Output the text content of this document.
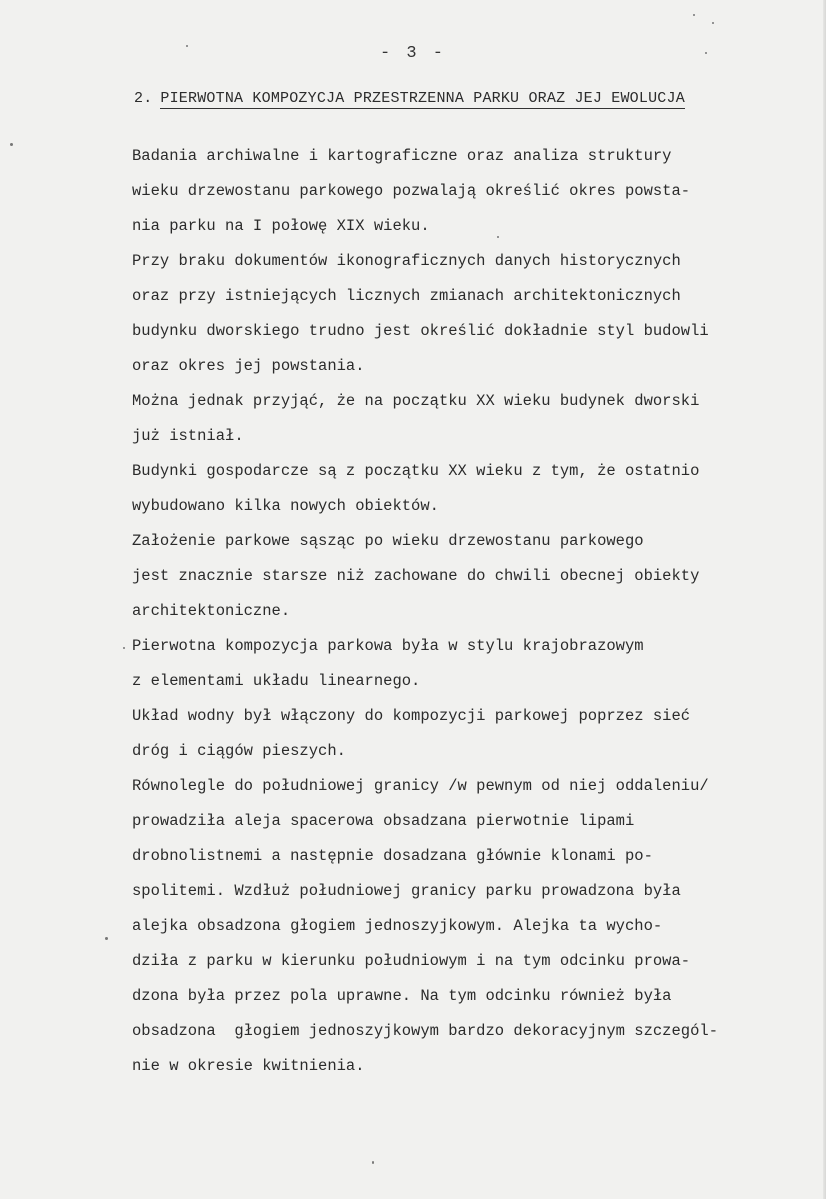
- 3 -
2. PIERWOTNA KOMPOZYCJA PRZESTRZENNA PARKU ORAZ JEJ EWOLUCJA
Badania archiwalne i kartograficzne oraz analiza struktury
wieku drzewostanu parkowego pozwalają określić okres powsta-
nia parku na I połowę XIX wieku.
Przy braku dokumentów ikonograficznych danych historycznych
oraz przy istniejących licznych zmianach architektonicznych
budynku dworskiego trudno jest określić dokładnie styl budowli
oraz okres jej powstania.
Można jednak przyjąć, że na początku XX wieku budynek dworski
już istniał.
Budynki gospodarcze są z początku XX wieku z tym, że ostatnio
wybudowano kilka nowych obiektów.
Założenie parkowe sąsząc po wieku drzewostanu parkowego
jest znacznie starsze niż zachowane do chwili obecnej obiekty
architektoniczne.
Pierwotna kompozycja parkowa była w stylu krajobrazowym
z elementami układu linearnego.
Układ wodny był włączony do kompozycji parkowej poprzez sieć
dróg i ciągów pieszych.
Równolegle do południowej granicy /w pewnym od niej oddaleniu/
prowadziła aleja spacerowa obsadzana pierwotnie lipami
drobnolistnemi a następnie dosadzana głównie klonami po-
spolitemi. Wzdłuż południowej granicy parku prowadzona była
alejka obsadzona głogiem jednoszyjkowym. Alejka ta wycho-
dziła z parku w kierunku południowym i na tym odcinku prowa-
dzona była przez pola uprawne. Na tym odcinku również była
obsadzona  głogiem jednoszyjkowym bardzo dekoracyjnym szczegól-
nie w okresie kwitnienia.
